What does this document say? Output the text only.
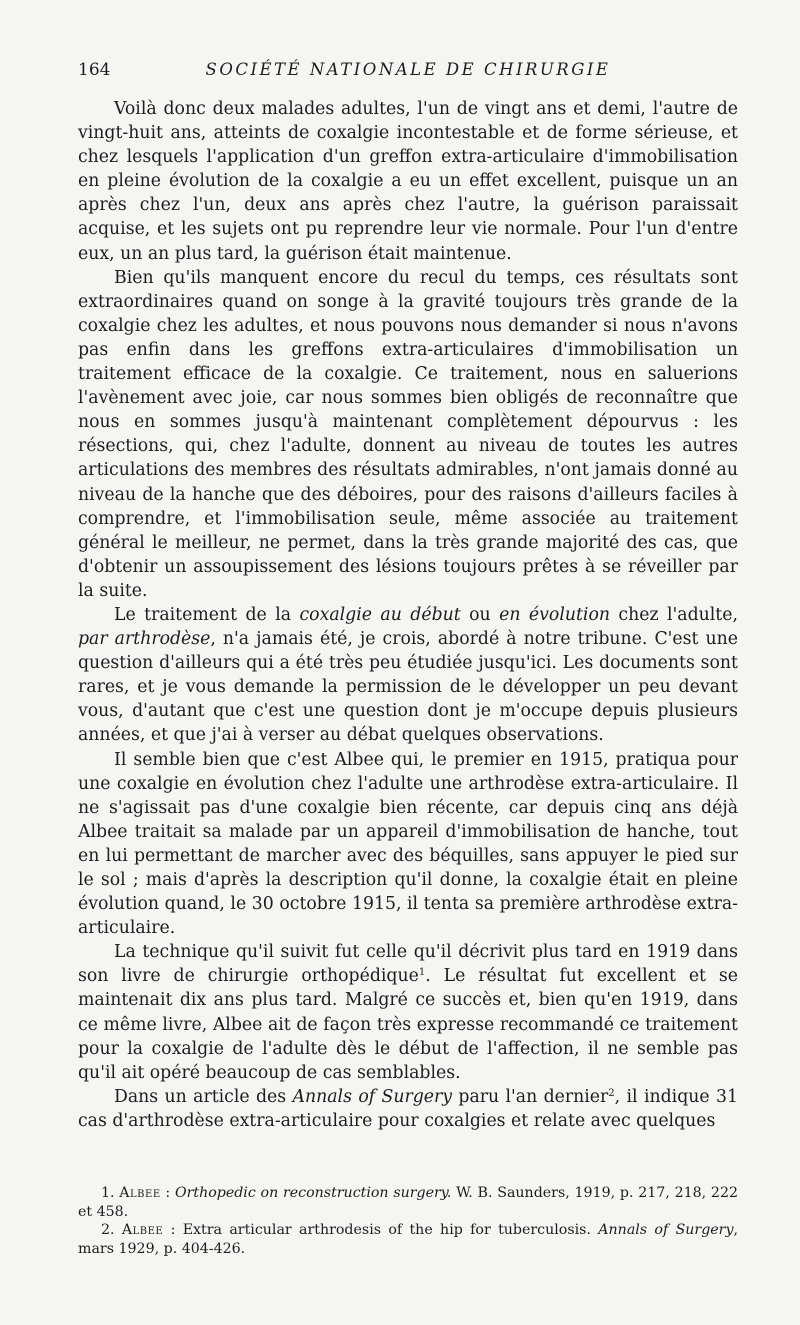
164	SOCIÉTÉ NATIONALE DE CHIRURGIE

Voilà donc deux malades adultes, l'un de vingt ans et demi, l'autre de vingt-huit ans, atteints de coxalgie incontestable et de forme sérieuse, et chez lesquels l'application d'un greffon extra-articulaire d'immobilisation en pleine évolution de la coxalgie a eu un effet excellent, puisque un an après chez l'un, deux ans après chez l'autre, la guérison paraissait acquise, et les sujets ont pu reprendre leur vie normale. Pour l'un d'entre eux, un an plus tard, la guérison était maintenue.

Bien qu'ils manquent encore du recul du temps, ces résultats sont extraordinaires quand on songe à la gravité toujours très grande de la coxalgie chez les adultes, et nous pouvons nous demander si nous n'avons pas enfin dans les greffons extra-articulaires d'immobilisation un traitement efficace de la coxalgie. Ce traitement, nous en saluerions l'avènement avec joie, car nous sommes bien obligés de reconnaître que nous en sommes jusqu'à maintenant complètement dépourvus : les résections, qui, chez l'adulte, donnent au niveau de toutes les autres articulations des membres des résultats admirables, n'ont jamais donné au niveau de la hanche que des déboires, pour des raisons d'ailleurs faciles à comprendre, et l'immobilisation seule, même associée au traitement général le meilleur, ne permet, dans la très grande majorité des cas, que d'obtenir un assoupissement des lésions toujours prêtes à se réveiller par la suite.

Le traitement de la coxalgie au début ou en évolution chez l'adulte, par arthrodèse, n'a jamais été, je crois, abordé à notre tribune. C'est une question d'ailleurs qui a été très peu étudiée jusqu'ici. Les documents sont rares, et je vous demande la permission de le développer un peu devant vous, d'autant que c'est une question dont je m'occupe depuis plusieurs années, et que j'ai à verser au débat quelques observations.

Il semble bien que c'est Albee qui, le premier en 1915, pratiqua pour une coxalgie en évolution chez l'adulte une arthrodèse extra-articulaire. Il ne s'agissait pas d'une coxalgie bien récente, car depuis cinq ans déjà Albee traitait sa malade par un appareil d'immobilisation de hanche, tout en lui permettant de marcher avec des béquilles, sans appuyer le pied sur le sol ; mais d'après la description qu'il donne, la coxalgie était en pleine évolution quand, le 30 octobre 1915, il tenta sa première arthrodèse extra-articulaire.

La technique qu'il suivit fut celle qu'il décrivit plus tard en 1919 dans son livre de chirurgie orthopédique$^1$. Le résultat fut excellent et se maintenait dix ans plus tard. Malgré ce succès et, bien qu'en 1919, dans ce même livre, Albee ait de façon très expresse recommandé ce traitement pour la coxalgie de l'adulte dès le début de l'affection, il ne semble pas qu'il ait opéré beaucoup de cas semblables.

Dans un article des Annals of Surgery paru l'an dernier$^2$, il indique 31 cas d'arthrodèse extra-articulaire pour coxalgies et relate avec quelques

1. Albee : Orthopedic on reconstruction surgery. W. B. Saunders, 1919, p. 217, 218, 222 et 458.

2. Albee : Extra articular arthrodesis of the hip for tuberculosis. Annals of Surgery, mars 1929, p. 404-426.
